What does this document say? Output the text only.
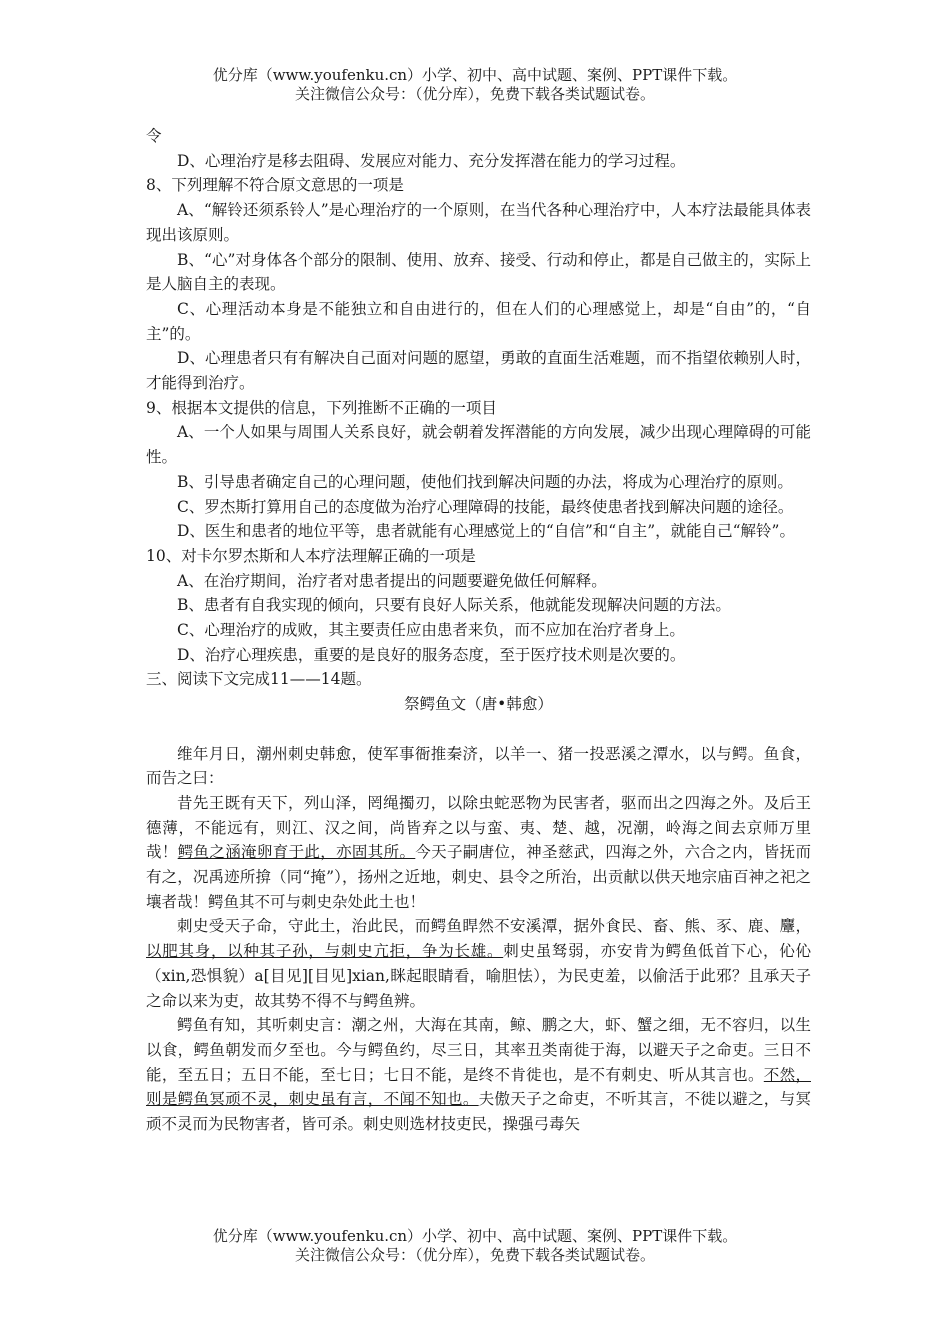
优分库（www.youfenku.cn）小学、初中、高中试题、案例、PPT课件下载。
关注微信公众号：（优分库），免费下载各类试题试卷。

令

D、心理治疗是移去阻碍、发展应对能力、充分发挥潜在能力的学习过程。

8、下列理解不符合原文意思的一项是

A、“解铃还须系铃人”是心理治疗的一个原则，在当代各种心理治疗中，人本疗法最能具体表现出该原则。

B、“心”对身体各个部分的限制、使用、放弃、接受、行动和停止，都是自己做主的，实际上是人脑自主的表现。

C、心理活动本身是不能独立和自由进行的，但在人们的心理感觉上，却是“自由”的，“自主”的。

D、心理患者只有有解决自己面对问题的愿望，勇敢的直面生活难题，而不指望依赖别人时，才能得到治疗。

9、根据本文提供的信息，下列推断不正确的一项目

A、一个人如果与周围人关系良好，就会朝着发挥潜能的方向发展，减少出现心理障碍的可能性。

B、引导患者确定自己的心理问题，使他们找到解决问题的办法，将成为心理治疗的原则。

C、罗杰斯打算用自己的态度做为治疗心理障碍的技能，最终使患者找到解决问题的途径。

D、医生和患者的地位平等，患者就能有心理感觉上的“自信”和“自主”，就能自己“解铃”。

10、对卡尔罗杰斯和人本疗法理解正确的一项是

A、在治疗期间，治疗者对患者提出的问题要避免做任何解释。

B、患者有自我实现的倾向，只要有良好人际关系，他就能发现解决问题的方法。

C、心理治疗的成败，其主要责任应由患者来负，而不应加在治疗者身上。

D、治疗心理疾患，重要的是良好的服务态度，至于医疗技术则是次要的。

三、阅读下文完成11——14题。

祭鳄鱼文（唐•韩愈）

维年月日，潮州刺史韩愈，使军事衙推秦济，以羊一、猪一投恶溪之潭水，以与鳄。鱼食，而告之曰：

昔先王既有天下，列山泽，罔绳擉刃，以除虫蛇恶物为民害者，驱而出之四海之外。及后王德薄，不能远有，则江、汉之间，尚皆弃之以与蛮、夷、楚、越，况潮，岭海之间去京师万里哉！鳄鱼之涵淹卵育于此，亦固其所。今天子嗣唐位，神圣慈武，四海之外，六合之内，皆抚而有之，况禹迹所揜（同“掩”），扬州之近地，刺史、县令之所治，出贡献以供天地宗庙百神之祀之壤者哉！鳄鱼其不可与刺史杂处此土也！

刺史受天子命，守此土，治此民，而鳄鱼睅然不安溪潭，据外食民、畜、熊、豕、鹿、麞，以肥其身，以种其子孙，与刺史亢拒，争为长雄。刺史虽驽弱，亦安肯为鳄鱼低首下心，伈伈（xin,恐惧貌）a[目见][目见]xian,眯起眼睛看，喻胆怯），为民吏羞，以偷活于此邪？且承天子之命以来为吏，故其势不得不与鳄鱼辨。

鳄鱼有知，其听刺史言：潮之州，大海在其南，鲸、鹏之大，虾、蟹之细，无不容归，以生以食，鳄鱼朝发而夕至也。今与鳄鱼约，尽三日，其率丑类南徙于海，以避天子之命吏。三日不能，至五日；五日不能，至七日；七日不能，是终不肯徙也，是不有刺史、听从其言也。不然，则是鳄鱼冥顽不灵，刺史虽有言，不闻不知也。夫傲天子之命吏，不听其言，不徙以避之，与冥顽不灵而为民物害者，皆可杀。刺史则选材技吏民，操强弓毒矢

优分库（www.youfenku.cn）小学、初中、高中试题、案例、PPT课件下载。
关注微信公众号：（优分库），免费下载各类试题试卷。
